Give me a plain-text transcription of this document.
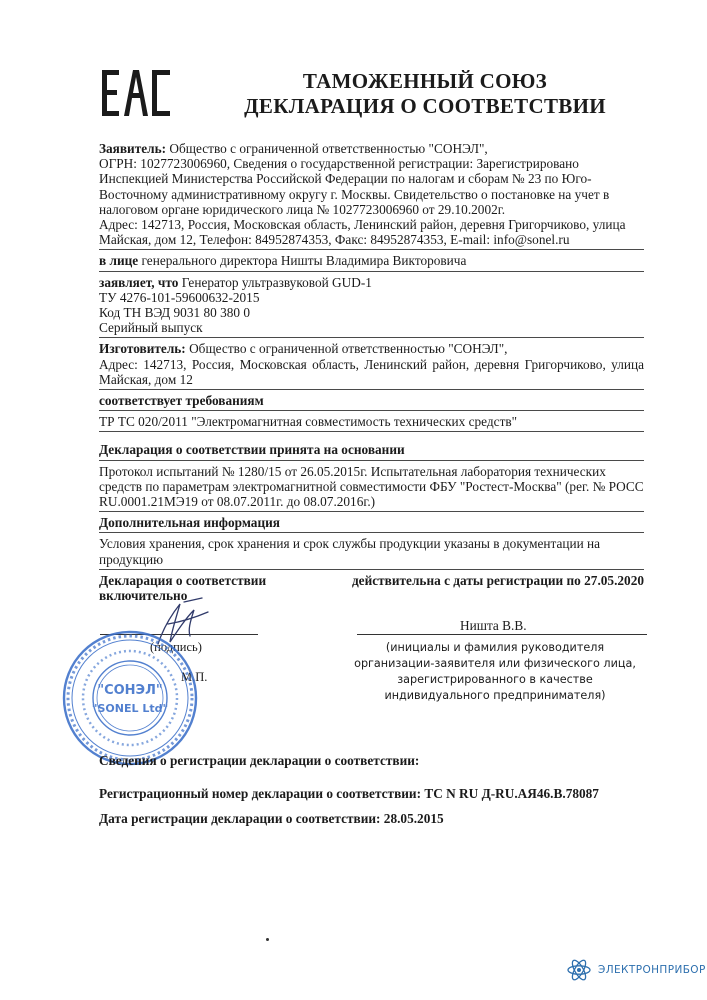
ТАМОЖЕННЫЙ СОЮЗ
ДЕКЛАРАЦИЯ О СООТВЕТСТВИИ

Заявитель: Общество с ограниченной ответственностью "СОНЭЛ",

ОГРН: 1027723006960, Сведения о государственной регистрации: Зарегистрировано Инспекцией Министерства Российской Федерации по налогам и сборам № 23 по Юго-Восточному административному округу г. Москвы. Свидетельство о постановке на учет в налоговом органе юридического лица № 1027723006960 от 29.10.2002г.

Адрес: 142713, Россия, Московская область, Ленинский район, деревня Григорчиково, улица Майская, дом 12, Телефон: 84952874353, Факс: 84952874353, E-mail: info@sonel.ru

в лице генерального директора Ништы Владимира Викторовича

заявляет, что Генератор ультразвуковой GUD-1

ТУ 4276-101-59600632-2015

Код ТН ВЭД 9031 80 380 0

Серийный выпуск

Изготовитель: Общество с ограниченной ответственностью "СОНЭЛ",

Адрес: 142713, Россия, Московская область, Ленинский район, деревня Григорчиково, улица Майская, дом 12

соответствует требованиям

ТР ТС 020/2011 "Электромагнитная совместимость технических средств"

Декларация о соответствии принята на основании

Протокол испытаний № 1280/15 от 26.05.2015г. Испытательная лаборатория технических средств по параметрам электромагнитной совместимости ФБУ "Ростест-Москва" (рег. № РОСС RU.0001.21МЭ19 от 08.07.2011г. до 08.07.2016г.)

Дополнительная информация

Условия хранения, срок хранения и срок службы продукции указаны в документации на продукцию

Декларация о соответствии	действительна с даты регистрации по 27.05.2020

включительно

(подпись)
М.П.
Ништа В.В.
(инициалы и фамилия руководителя организации-заявителя или физического лица, зарегистрированного в качестве индивидуального предпринимателя)
"СОНЭЛ"
"SONEL Ltd"
Сведения о регистрации декларации о соответствии:
Регистрационный номер декларации о соответствии: ТС N RU Д-RU.АЯ46.В.78087
Дата регистрации декларации о соответствии: 28.05.2015
ЭЛЕКТРОНПРИБОР
